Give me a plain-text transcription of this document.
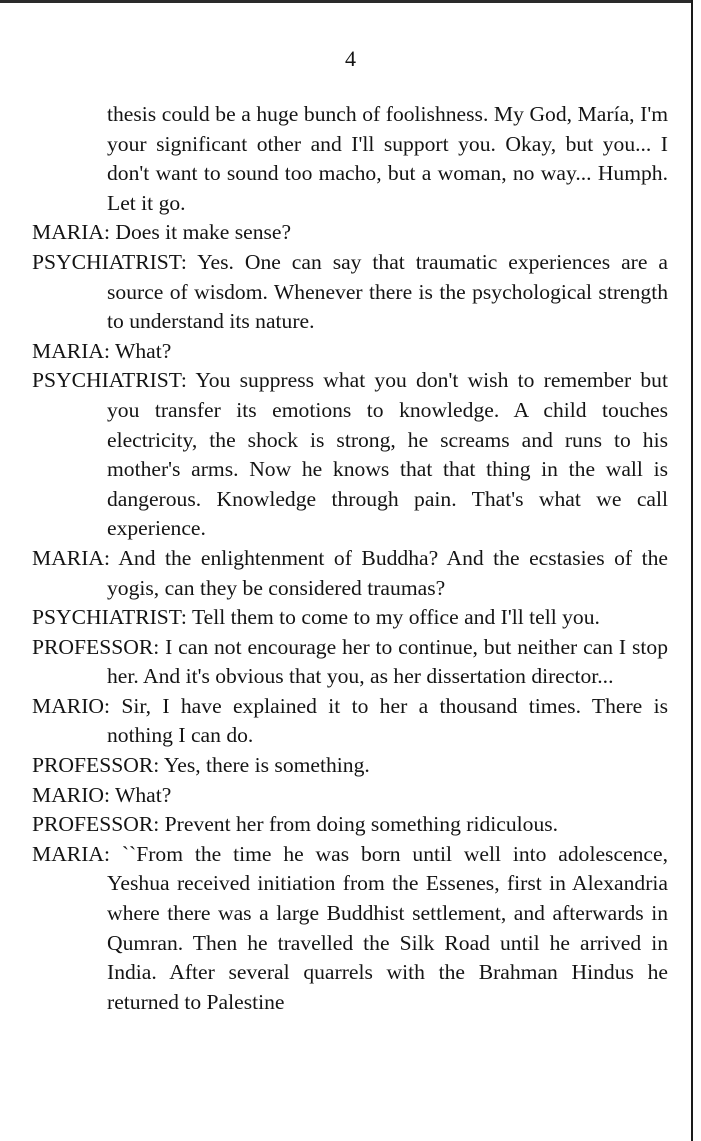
4

thesis could be a huge bunch of foolishness. My God, María, I'm your significant other and I'll support you. Okay, but you... I don't want to sound too macho, but a woman, no way... Humph. Let it go.

MARIA: Does it make sense?

PSYCHIATRIST: Yes. One can say that traumatic experiences are a source of wisdom. Whenever there is the psychological strength to understand its nature.

MARIA: What?

PSYCHIATRIST: You suppress what you don't wish to remember but you transfer its emotions to knowledge. A child touches electricity, the shock is strong, he screams and runs to his mother's arms. Now he knows that that thing in the wall is dangerous. Knowledge through pain. That's what we call experience.

MARIA: And the enlightenment of Buddha? And the ecstasies of the yogis, can they be considered traumas?

PSYCHIATRIST: Tell them to come to my office and I'll tell you.

PROFESSOR: I can not encourage her to continue, but neither can I stop her. And it's obvious that you, as her dissertation director...

MARIO: Sir, I have explained it to her a thousand times. There is nothing I can do.

PROFESSOR: Yes, there is something.

MARIO: What?

PROFESSOR: Prevent her from doing something ridiculous.

MARIA: ``From the time he was born until well into adolescence, Yeshua received initiation from the Essenes, first in Alexandria where there was a large Buddhist settlement, and afterwards in Qumran. Then he travelled the Silk Road until he arrived in India. After several quarrels with the Brahman Hindus he returned to Palestine
